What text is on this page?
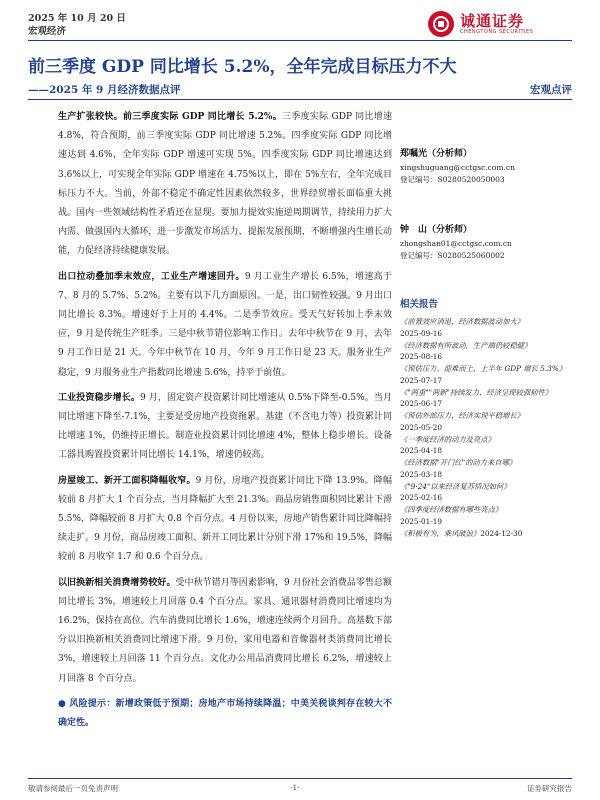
2025 年 10 月 20 日
宏观经济
诚通证券
CHENGTONG SECURITIES
前三季度 GDP 同比增长 5.2%，全年完成目标压力不大
——2025 年 9 月经济数据点评	宏观点评

生产扩张较快。前三季度实际 GDP 同比增长 5.2%。三季度实际 GDP 同比增速 4.8%，符合预期，前三季度实际 GDP 同比增速 5.2%。四季度实际 GDP 同比增速达到 4.6%，全年实际 GDP 增速可实现 5%。四季度实际 GDP 同比增速达到 3.6%以上，可实现全年实际 GDP 增速在 4.75%以上，即在 5%左右，全年完成目标压力不大。当前，外部不稳定不确定性因素依然较多，世界经贸增长面临重大挑战。国内一些领域结构性矛盾还在显现。要加力提效实施逆周期调节，持续用力扩大内需、做强国内大循环，进一步激发市场活力、提振发展预期，不断增强内生增长动能，力促经济持续健康发展。

出口拉动叠加季末效应，工业生产增速回升。9 月工业生产增长 6.5%，增速高于 7、8 月的 5.7%、5.2%。主要有以下几方面原因。一是，出口韧性较强。9 月出口同比增长 8.3%。增速好于上月的 4.4%。二是季节效应。受天气好转加上季末效应，9 月是传统生产旺季。三是中秋节错位影响工作日。去年中秋节在 9 月，去年 9 月工作日是 21 天。今年中秋节在 10 月，今年 9 月工作日是 23 天。服务业生产稳定，9 月服务业生产指数同比增速 5.6%，持平于前值。

工业投资稳步增长。9 月，固定资产投资累计同比增速从 0.5%下降至-0.5%。当月同比增速下降至-7.1%，主要是受房地产投资拖累。基建（不含电力等）投资累计同比增速 1%，仍维持正增长。制造业投资累计同比增速 4%，整体上稳步增长。设备工器具购置投资累计同比增长 14.1%，增速仍较高。

房屋竣工、新开工面积降幅收窄。9 月份，房地产投资累计同比下降 13.9%。降幅较前 8 月扩大 1 个百分点，当月降幅扩大至 21.3%。商品房销售面积同比累计下滑 5.5%，降幅较前 8 月扩大 0.8 个百分点。4 月份以来，房地产销售累计同比降幅持续走扩。9 月份，商品房竣工面积、新开工同比累计分别下滑 17%和 19.5%，降幅较前 8 月收窄 1.7 和 0.6 个百分点。

以旧换新相关消费增势较好。受中秋节错月等因素影响，9 月份社会消费品零售总额同比增长 3%，增速较上月回落 0.4 个百分点。家具、通讯器材消费同比增速均为 16.2%，保持在高位。汽车消费同比增长 1.6%，增速连续两个月回升。高基数下部分以旧换新相关消费同比增速下滑。9 月份，家用电器和音像器材类消费同比增长 3%，增速较上月回落 11 个百分点。文化办公用品消费同比增长 6.2%，增速较上月回落 8 个百分点。

● 风险提示：新增政策低于预期；房地产市场持续降温；中美关税谈判存在较大不确定性。

郑嘱光（分析师）
xingshuguang@cctgsc.com.cn
登记编号：S0280520050003
钟　山（分析师）
zhongshan01@cctgsc.com.cn
登记编号：S0280525060002
相关报告
《前置效应消退，经济数据波动加大》
2025-09-16
《经济数据有所波动，生产端仍较稳健》
2025-08-16
《预估压力、迎难而上，上半年 GDP 增长 5.3%》
2025-07-17
《"两重""两新"持续发力，经济呈现较强韧性》
2025-06-17
《预估外部压力，经济实现平稳增长》
2025-05-20
《一季度经济的动力及亮点》
2025-04-18
《经济数据"开门红"的动力来自哪》
2025-03-18
《"9·24"以来经济复苏情况如何》
2025-02-16
《四季度经济数据有哪些亮点》
2025-01-19
《积极有为，乘风破浪》2024-12-30
敬请参阅最后一页免责声明	-1-	证券研究报告
